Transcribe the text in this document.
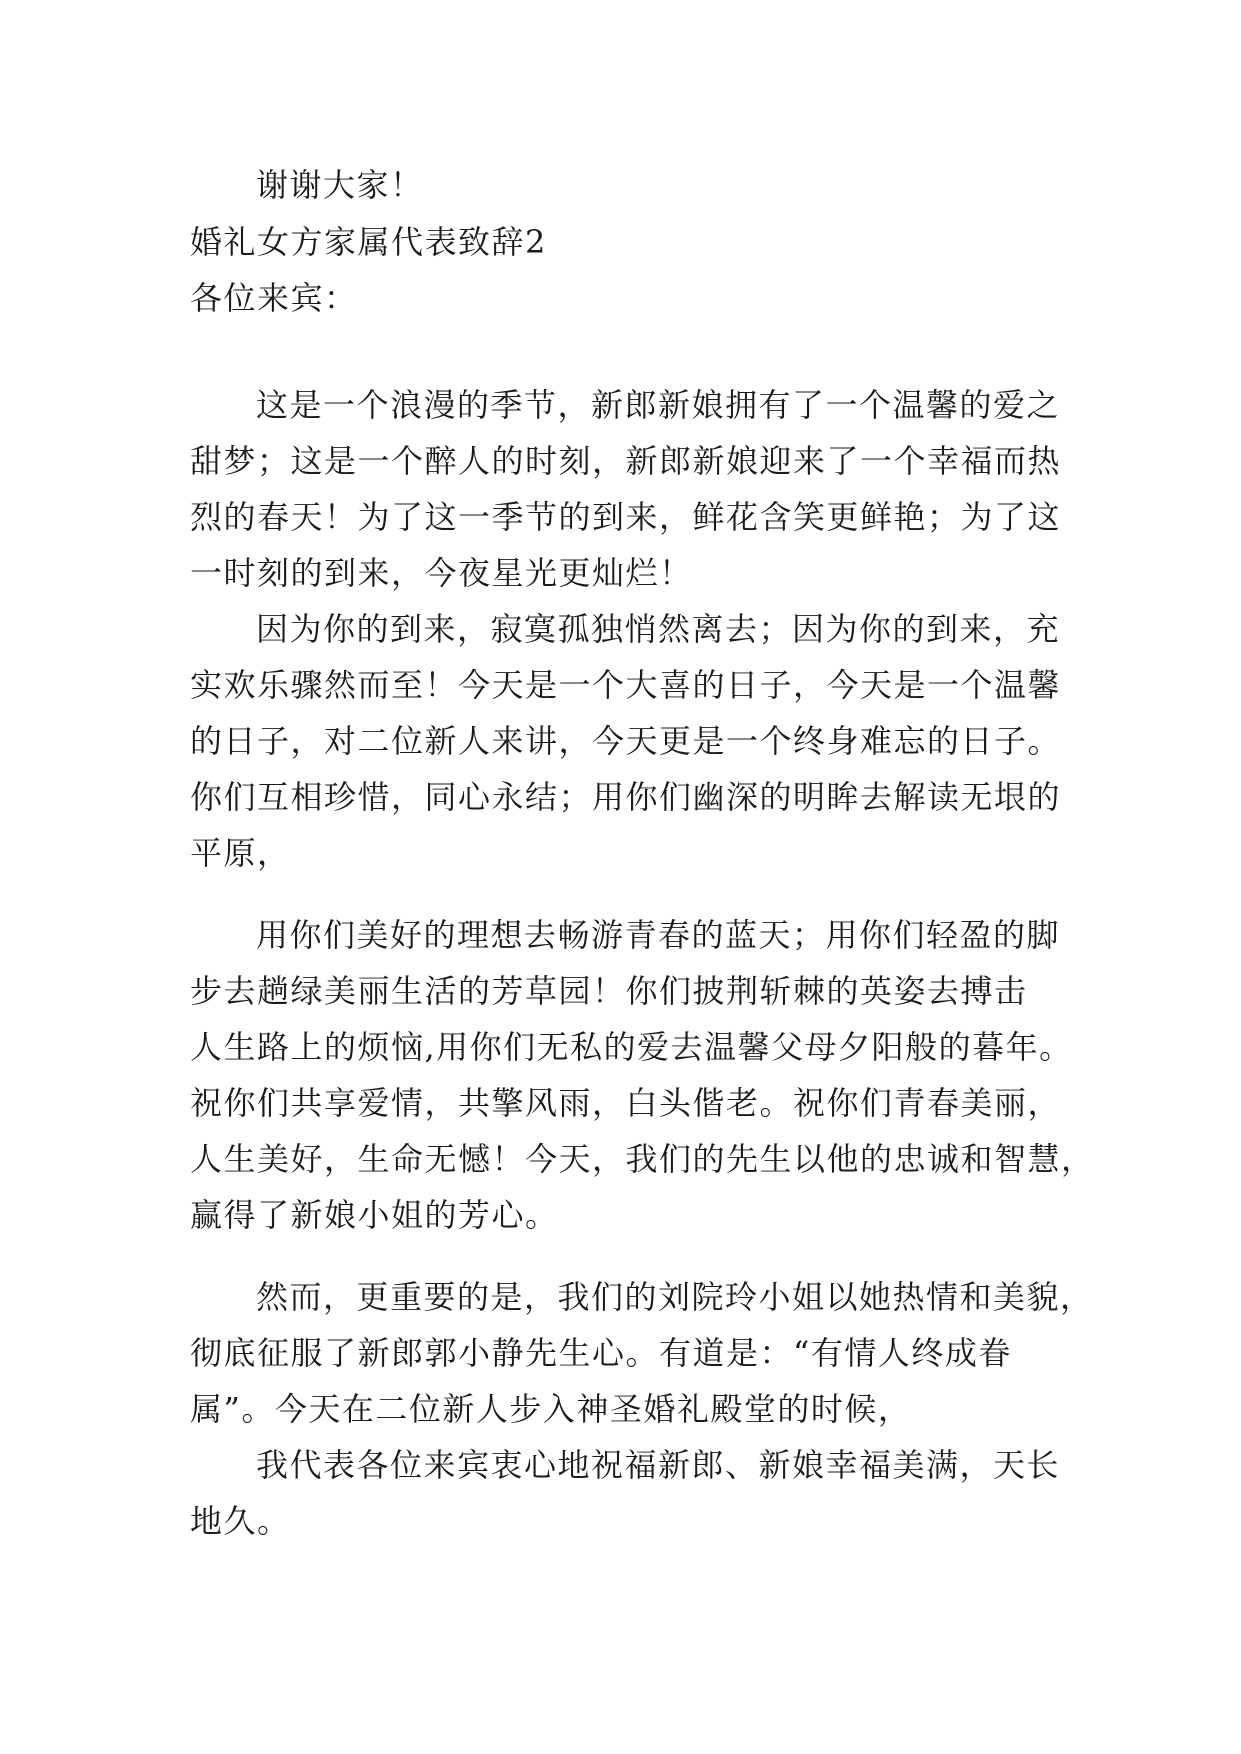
谢谢大家！
婚礼女方家属代表致辞2
各位来宾：
这是一个浪漫的季节，新郎新娘拥有了一个温馨的爱之
甜梦；这是一个醉人的时刻，新郎新娘迎来了一个幸福而热
烈的春天！为了这一季节的到来，鲜花含笑更鲜艳；为了这
一时刻的到来，今夜星光更灿烂！
因为你的到来，寂寞孤独悄然离去；因为你的到来，充
实欢乐骤然而至！今天是一个大喜的日子，今天是一个温馨
的日子，对二位新人来讲，今天更是一个终身难忘的日子。
你们互相珍惜，同心永结；用你们幽深的明眸去解读无垠的
平原，
用你们美好的理想去畅游青春的蓝天；用你们轻盈的脚
步去趟绿美丽生活的芳草园！你们披荆斩棘的英姿去搏击
人生路上的烦恼,用你们无私的爱去温馨父母夕阳般的暮年。
祝你们共享爱情，共擎风雨，白头偕老。祝你们青春美丽，
人生美好，生命无憾！今天，我们的先生以他的忠诚和智慧，
赢得了新娘小姐的芳心。
然而，更重要的是，我们的刘院玲小姐以她热情和美貌，
彻底征服了新郎郭小静先生心。有道是：“有情人终成眷
属”。今天在二位新人步入神圣婚礼殿堂的时候，
我代表各位来宾衷心地祝福新郎、新娘幸福美满，天长
地久。
